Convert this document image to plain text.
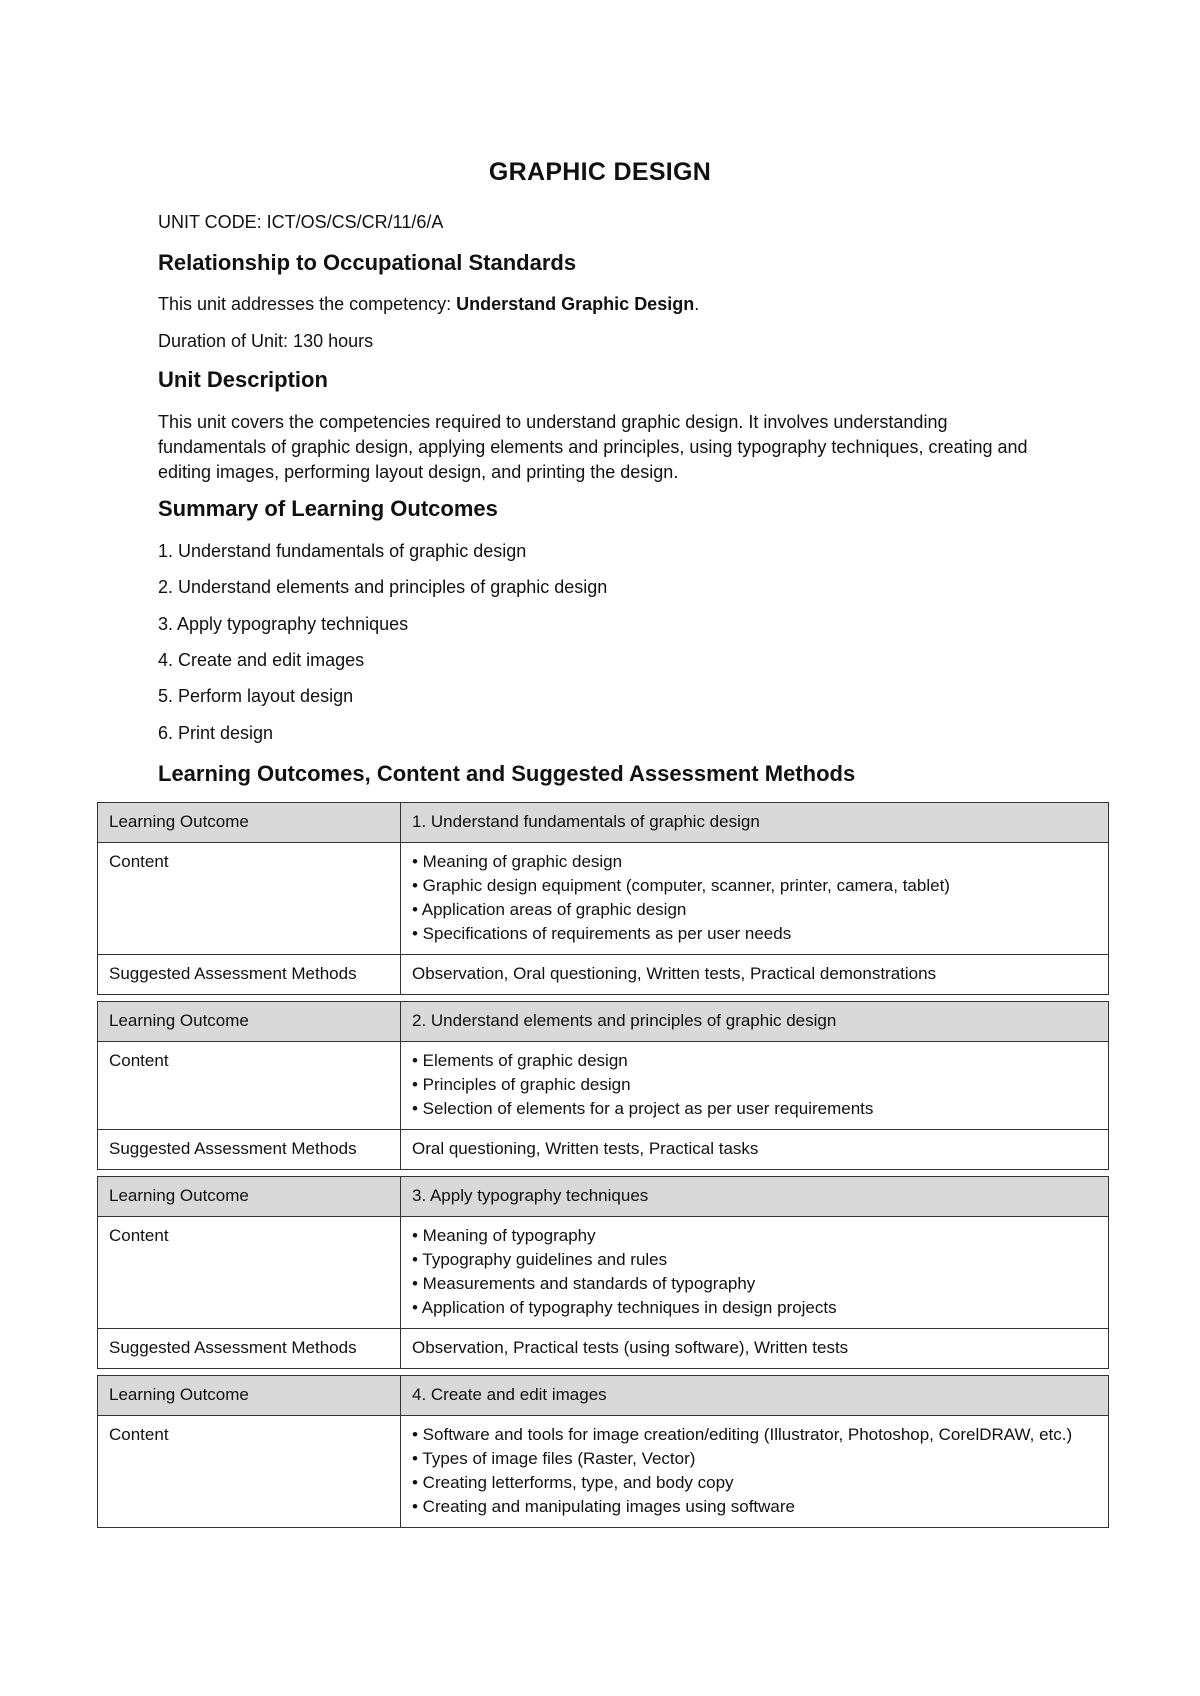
GRAPHIC DESIGN
UNIT CODE: ICT/OS/CS/CR/11/6/A
Relationship to Occupational Standards
This unit addresses the competency: Understand Graphic Design.
Duration of Unit: 130 hours
Unit Description
This unit covers the competencies required to understand graphic design. It involves understanding fundamentals of graphic design, applying elements and principles, using typography techniques, creating and editing images, performing layout design, and printing the design.
Summary of Learning Outcomes
1. Understand fundamentals of graphic design
2. Understand elements and principles of graphic design
3. Apply typography techniques
4. Create and edit images
5. Perform layout design
6. Print design
Learning Outcomes, Content and Suggested Assessment Methods
Learning Outcome	1. Understand fundamentals of graphic design
Content	• Meaning of graphic design
• Graphic design equipment (computer, scanner, printer, camera, tablet)
• Application areas of graphic design
• Specifications of requirements as per user needs

Suggested Assessment Methods	Observation, Oral questioning, Written tests, Practical demonstrations
Learning Outcome	2. Understand elements and principles of graphic design
Content	• Elements of graphic design
• Principles of graphic design
• Selection of elements for a project as per user requirements

Suggested Assessment Methods	Oral questioning, Written tests, Practical tasks
Learning Outcome	3. Apply typography techniques
Content	• Meaning of typography
• Typography guidelines and rules
• Measurements and standards of typography
• Application of typography techniques in design projects

Suggested Assessment Methods	Observation, Practical tests (using software), Written tests
Learning Outcome	4. Create and edit images
Content	• Software and tools for image creation/editing (Illustrator, Photoshop, CorelDRAW, etc.)
• Types of image files (Raster, Vector)
• Creating letterforms, type, and body copy
• Creating and manipulating images using software
